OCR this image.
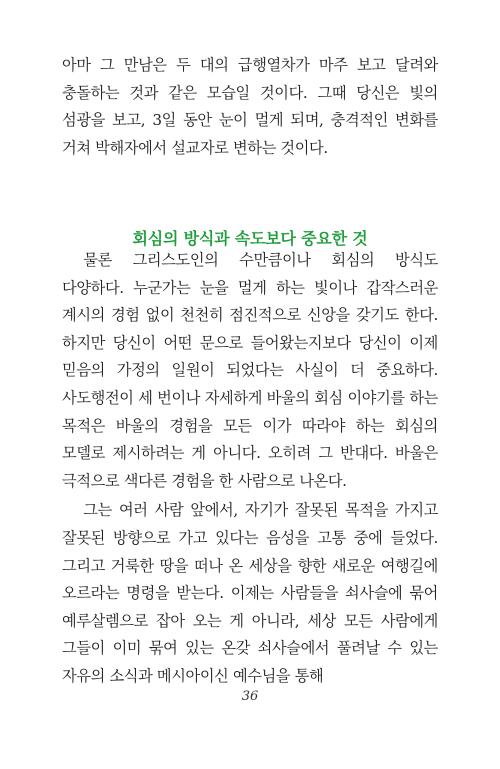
아마 그 만남은 두 대의 급행열차가 마주 보고 달려와 충돌하는 것과 같은 모습일 것이다. 그때 당신은 빛의 섬광을 보고, 3일 동안 눈이 멀게 되며, 충격적인 변화를 거쳐 박해자에서 설교자로 변하는 것이다.

회심의 방식과 속도보다 중요한 것

물론 그리스도인의 수만큼이나 회심의 방식도 다양하다. 누군가는 눈을 멀게 하는 빛이나 갑작스러운 계시의 경험 없이 천천히 점진적으로 신앙을 갖기도 한다. 하지만 당신이 어떤 문으로 들어왔는지보다 당신이 이제 믿음의 가정의 일원이 되었다는 사실이 더 중요하다. 사도행전이 세 번이나 자세하게 바울의 회심 이야기를 하는 목적은 바울의 경험을 모든 이가 따라야 하는 회심의 모델로 제시하려는 게 아니다. 오히려 그 반대다. 바울은 극적으로 색다른 경험을 한 사람으로 나온다.

그는 여러 사람 앞에서, 자기가 잘못된 목적을 가지고 잘못된 방향으로 가고 있다는 음성을 고통 중에 들었다. 그리고 거룩한 땅을 떠나 온 세상을 향한 새로운 여행길에 오르라는 명령을 받는다. 이제는 사람들을 쇠사슬에 묶어 예루살렘으로 잡아 오는 게 아니라, 세상 모든 사람에게 그들이 이미 묶여 있는 온갖 쇠사슬에서 풀려날 수 있는 자유의 소식과 메시아이신 예수님을 통해

36
